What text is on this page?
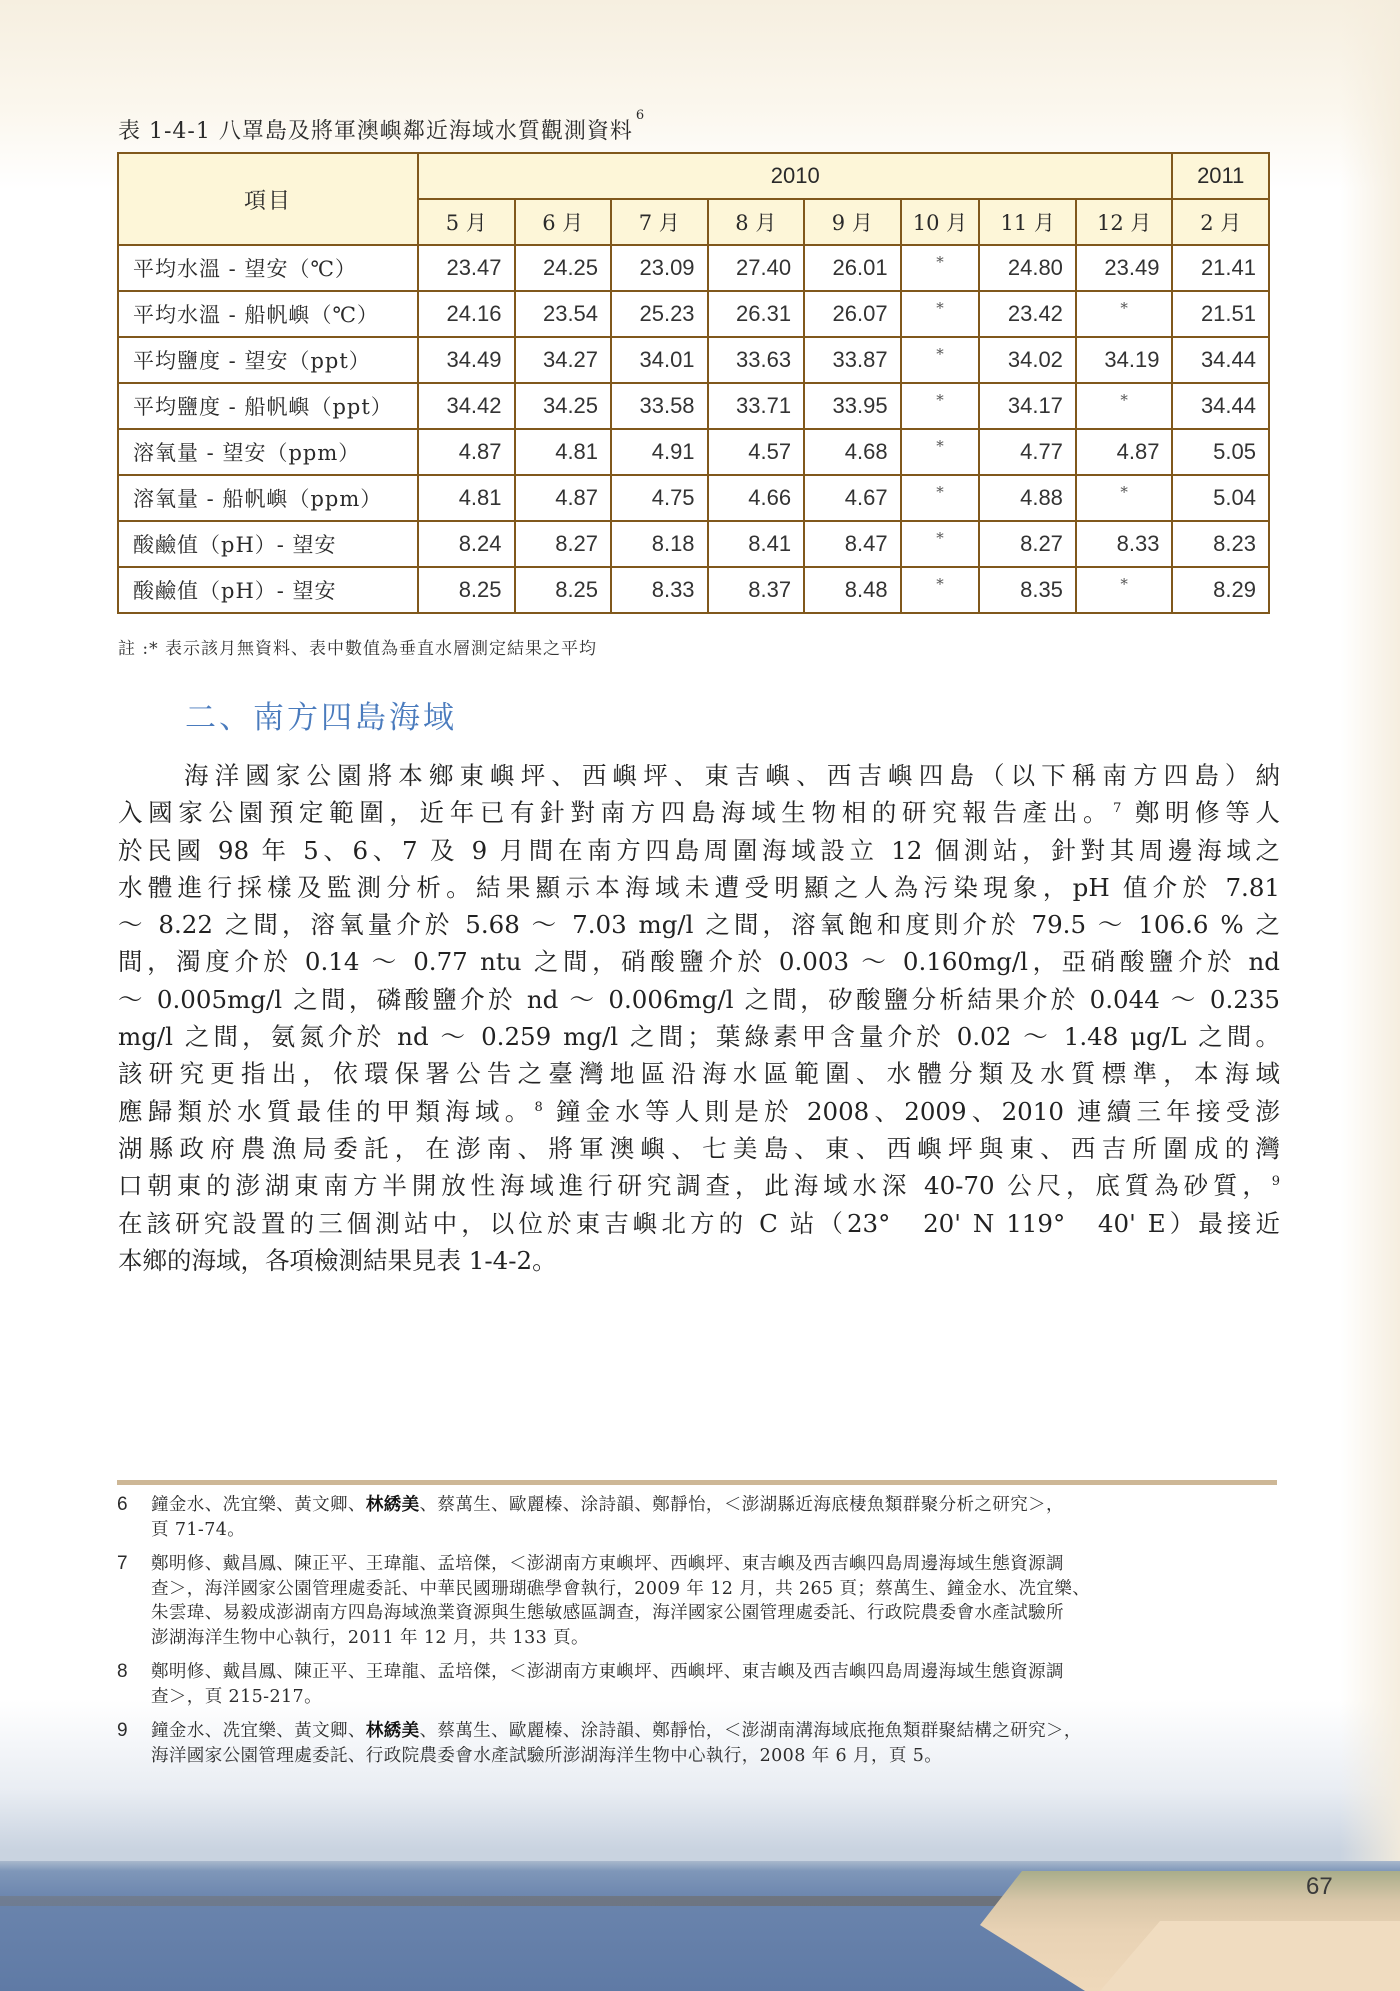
表 1-4-1 八罩島及將軍澳嶼鄰近海域水質觀測資料$^6$
項目	2010								2011
	5 月	6 月	7 月	8 月	9 月	10 月	11 月	12 月	2 月
平均水溫 - 望安（℃）	23.47	24.25	23.09	27.40	26.01	*	24.80	23.49	21.41
平均水溫 - 船帆嶼（℃）	24.16	23.54	25.23	26.31	26.07	*	23.42	*	21.51
平均鹽度 - 望安（ppt）	34.49	34.27	34.01	33.63	33.87	*	34.02	34.19	34.44
平均鹽度 - 船帆嶼（ppt）	34.42	34.25	33.58	33.71	33.95	*	34.17	*	34.44
溶氧量 - 望安（ppm）	4.87	4.81	4.91	4.57	4.68	*	4.77	4.87	5.05
溶氧量 - 船帆嶼（ppm）	4.81	4.87	4.75	4.66	4.67	*	4.88	*	5.04
酸鹼值（pH）- 望安	8.24	8.27	8.18	8.41	8.47	*	8.27	8.33	8.23
酸鹼值（pH）- 望安	8.25	8.25	8.33	8.37	8.48	*	8.35	*	8.29
註 :* 表示該月無資料、表中數值為垂直水層測定結果之平均
二、南方四島海域
海洋國家公園將本鄉東嶼坪、西嶼坪、東吉嶼、西吉嶼四島（以下稱南方四島）納
入國家公園預定範圍，近年已有針對南方四島海域生物相的研究報告產出。$^7$ 鄭明修等人
於民國 98 年 5、6、7 及 9 月間在南方四島周圍海域設立 12 個測站，針對其周邊海域之
水體進行採樣及監測分析。結果顯示本海域未遭受明顯之人為污染現象，pH 值介於 7.81
～ 8.22 之間，溶氧量介於 5.68 ～ 7.03 mg/l 之間，溶氧飽和度則介於 79.5 ～ 106.6 % 之
間，濁度介於 0.14 ～ 0.77 ntu 之間，硝酸鹽介於 0.003 ～ 0.160mg/l，亞硝酸鹽介於 nd
～ 0.005mg/l 之間，磷酸鹽介於 nd ～ 0.006mg/l 之間，矽酸鹽分析結果介於 0.044 ～ 0.235
mg/l 之間，氨氮介於 nd ～ 0.259 mg/l 之間；葉綠素甲含量介於 0.02 ～ 1.48 μg/L 之間。
該研究更指出，依環保署公告之臺灣地區沿海水區範圍、水體分類及水質標準，本海域
應歸類於水質最佳的甲類海域。$^8$ 鐘金水等人則是於 2008、2009、2010 連續三年接受澎
湖縣政府農漁局委託，在澎南、將軍澳嶼、七美島、東、西嶼坪與東、西吉所圍成的灣
口朝東的澎湖東南方半開放性海域進行研究調查，此海域水深 40-70 公尺，底質為砂質，$^9$
在該研究設置的三個測站中，以位於東吉嶼北方的 C 站（23°　20' N 119°　40' E）最接近
本鄉的海域，各項檢測結果見表 1-4-2。
6	鐘金水、冼宜樂、黃文卿、林綉美、蔡萬生、歐麗榛、涂詩韻、鄭靜怡，＜澎湖縣近海底棲魚類群聚分析之研究＞，
頁 71-74。
7	鄭明修、戴昌鳳、陳正平、王瑋龍、孟培傑，＜澎湖南方東嶼坪、西嶼坪、東吉嶼及西吉嶼四島周邊海域生態資源調
查＞，海洋國家公園管理處委託、中華民國珊瑚礁學會執行，2009 年 12 月，共 265 頁；蔡萬生、鐘金水、冼宜樂、
朱雲瑋、易毅成澎湖南方四島海域漁業資源與生態敏感區調查，海洋國家公園管理處委託、行政院農委會水產試驗所
澎湖海洋生物中心執行，2011 年 12 月，共 133 頁。
8	鄭明修、戴昌鳳、陳正平、王瑋龍、孟培傑，＜澎湖南方東嶼坪、西嶼坪、東吉嶼及西吉嶼四島周邊海域生態資源調
查＞，頁 215-217。
9	鐘金水、冼宜樂、黃文卿、林綉美、蔡萬生、歐麗榛、涂詩韻、鄭靜怡，＜澎湖南溝海域底拖魚類群聚結構之研究＞，
海洋國家公園管理處委託、行政院農委會水產試驗所澎湖海洋生物中心執行，2008 年 6 月，頁 5。
67
